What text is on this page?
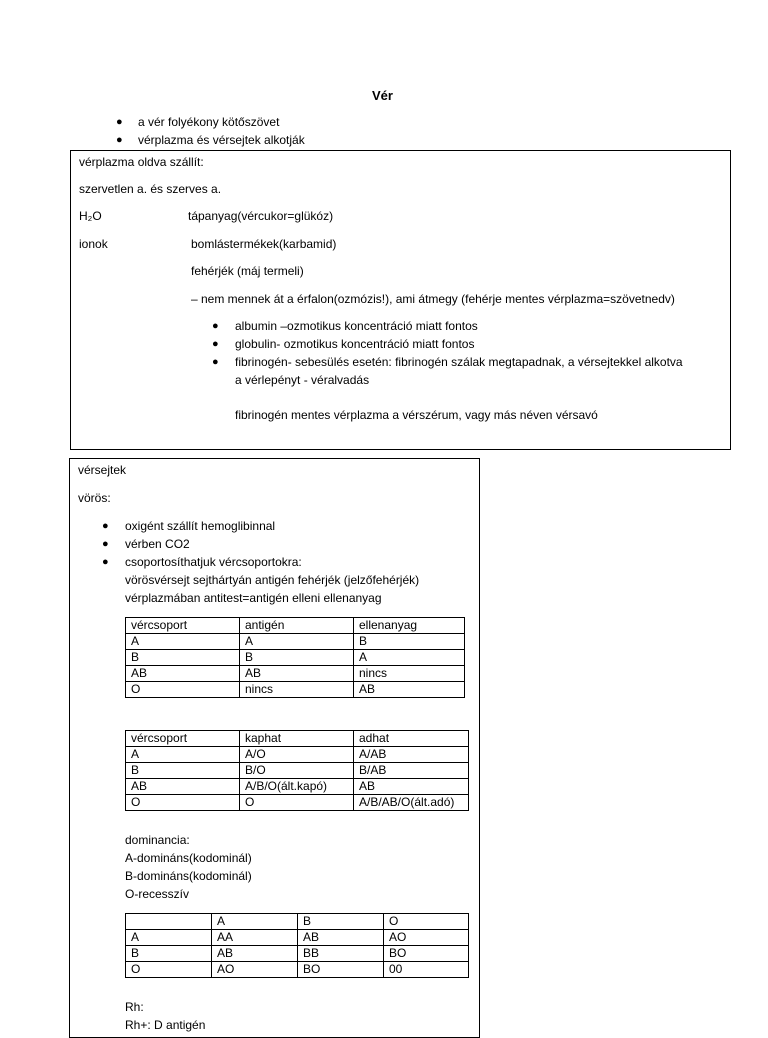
Vér
● a vér folyékony kötőszövet
● vérplazma és vérsejtek alkotják
vérplazma oldva szállít:
szervetlen a. és szerves a.
H₂O	tápanyag(vércukor=glükóz)
ionok	bomlástermékek(karbamid)
fehérjék (máj termeli)
– nem mennek át a érfalon(ozmózis!), ami átmegy (fehérje mentes vérplazma=szövetnedv)
● albumin –ozmotikus koncentráció miatt fontos
● globulin- ozmotikus koncentráció miatt fontos
● fibrinogén- sebesülés esetén: fibrinogén szálak megtapadnak, a vérsejtekkel alkotva
a vérlepényt - véralvadás
fibrinogén mentes vérplazma a vérszérum, vagy más néven vérsavó
vérsejtek
vörös:
● oxigént szállít hemoglibinnal
● vérben CO2
● csoportosíthatjuk vércsoportokra:
vörösvérsejt sejthártyán antigén fehérjék (jelzőfehérjék)
vérplazmában antitest=antigén elleni ellenanyag
vércsoport	antigén	ellenanyag
A	A	B
B	B	A
AB	AB	nincs
O	nincs	AB
vércsoport	kaphat	adhat
A	A/O	A/AB
B	B/O	B/AB
AB	A/B/O(ált.kapó)	AB
O	O	A/B/AB/O(ált.adó)
dominancia:
A-domináns(kodominál)
B-domináns(kodominál)
O-recesszív
	A	B	O
A	AA	AB	AO
B	AB	BB	BO
O	AO	BO	00
Rh:
Rh+: D antigén
